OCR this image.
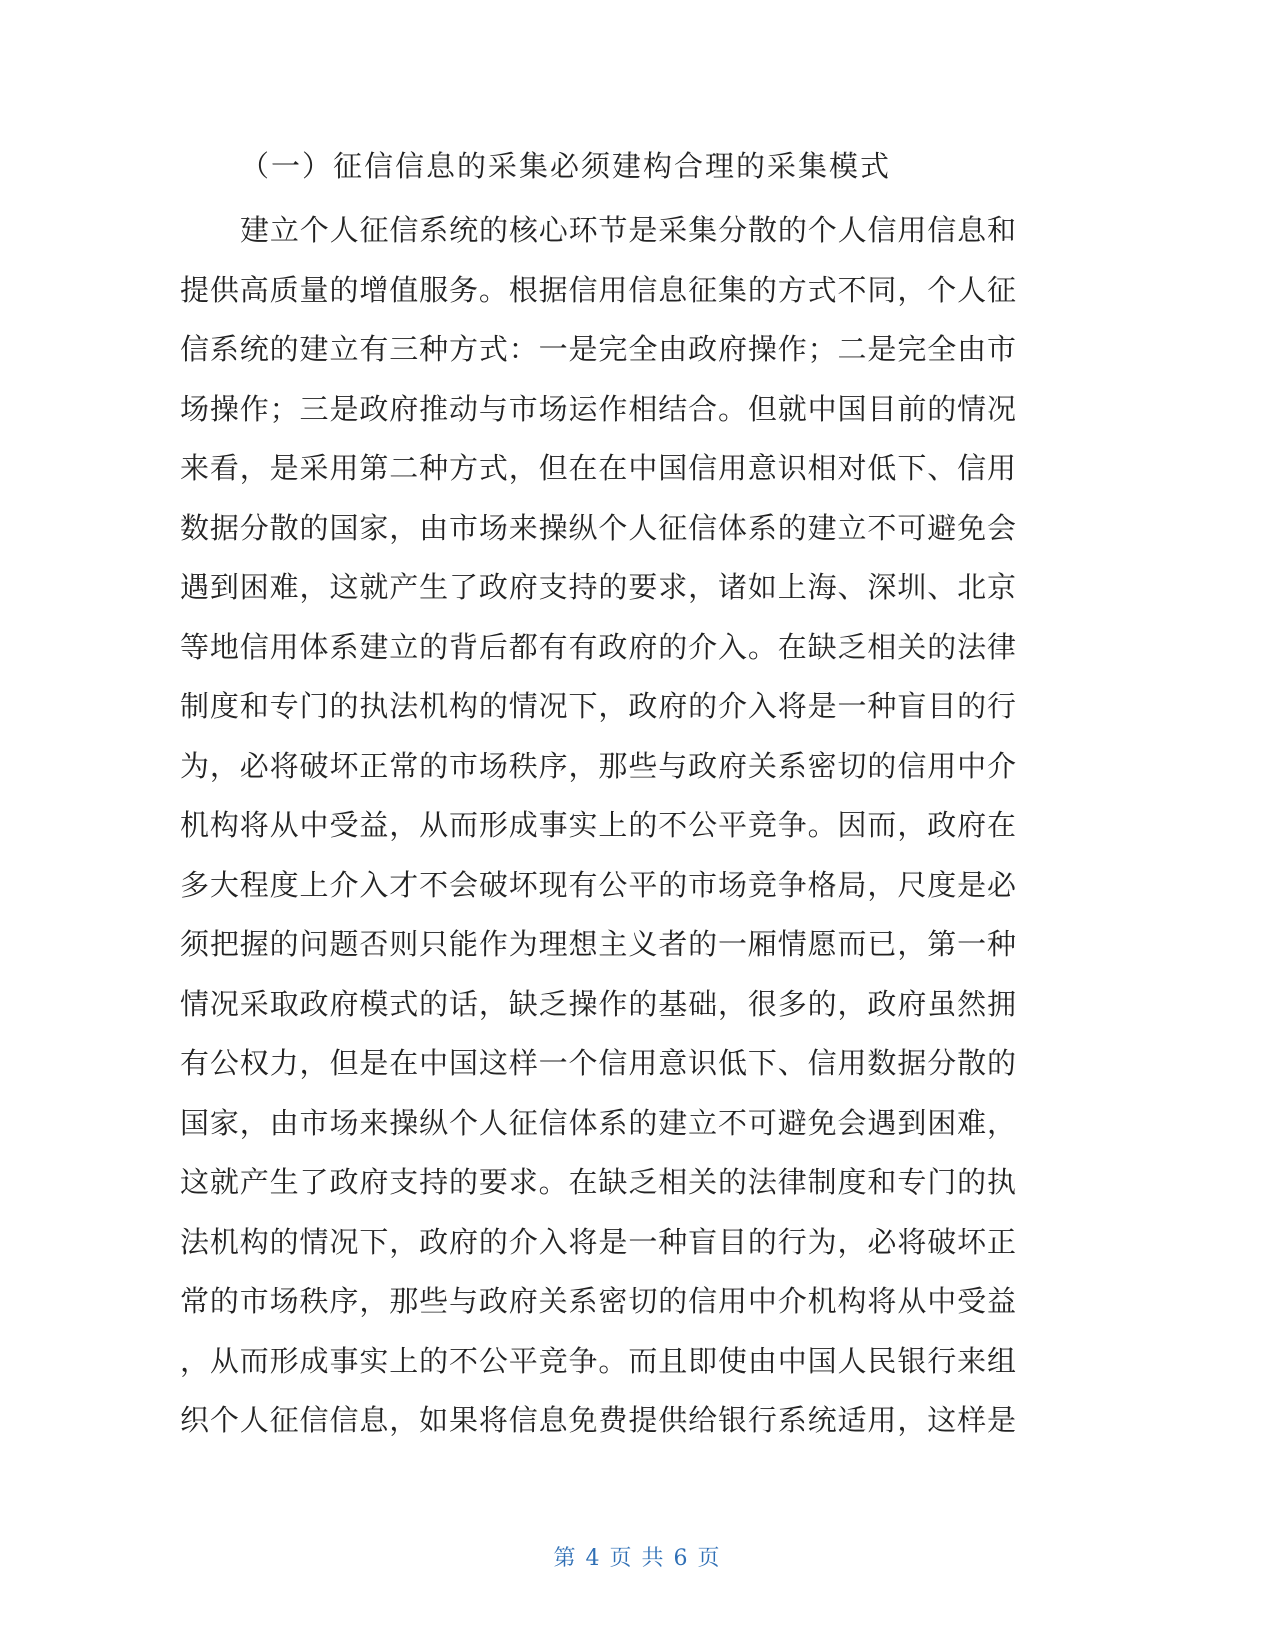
（一）征信信息的采集必须建构合理的采集模式
建立个人征信系统的核心环节是采集分散的个人信用信息和
提供高质量的增值服务。根据信用信息征集的方式不同，个人征
信系统的建立有三种方式：一是完全由政府操作；二是完全由市
场操作；三是政府推动与市场运作相结合。但就中国目前的情况
来看，是采用第二种方式，但在在中国信用意识相对低下、信用
数据分散的国家，由市场来操纵个人征信体系的建立不可避免会
遇到困难，这就产生了政府支持的要求，诸如上海、深圳、北京
等地信用体系建立的背后都有有政府的介入。在缺乏相关的法律
制度和专门的执法机构的情况下，政府的介入将是一种盲目的行
为，必将破坏正常的市场秩序，那些与政府关系密切的信用中介
机构将从中受益，从而形成事实上的不公平竞争。因而，政府在
多大程度上介入才不会破坏现有公平的市场竞争格局，尺度是必
须把握的问题否则只能作为理想主义者的一厢情愿而已，第一种
情况采取政府模式的话，缺乏操作的基础，很多的，政府虽然拥
有公权力，但是在中国这样一个信用意识低下、信用数据分散的
国家，由市场来操纵个人征信体系的建立不可避免会遇到困难，
这就产生了政府支持的要求。在缺乏相关的法律制度和专门的执
法机构的情况下，政府的介入将是一种盲目的行为，必将破坏正
常的市场秩序，那些与政府关系密切的信用中介机构将从中受益
，从而形成事实上的不公平竞争。而且即使由中国人民银行来组
织个人征信信息，如果将信息免费提供给银行系统适用，这样是
第 4 页 共 6 页
